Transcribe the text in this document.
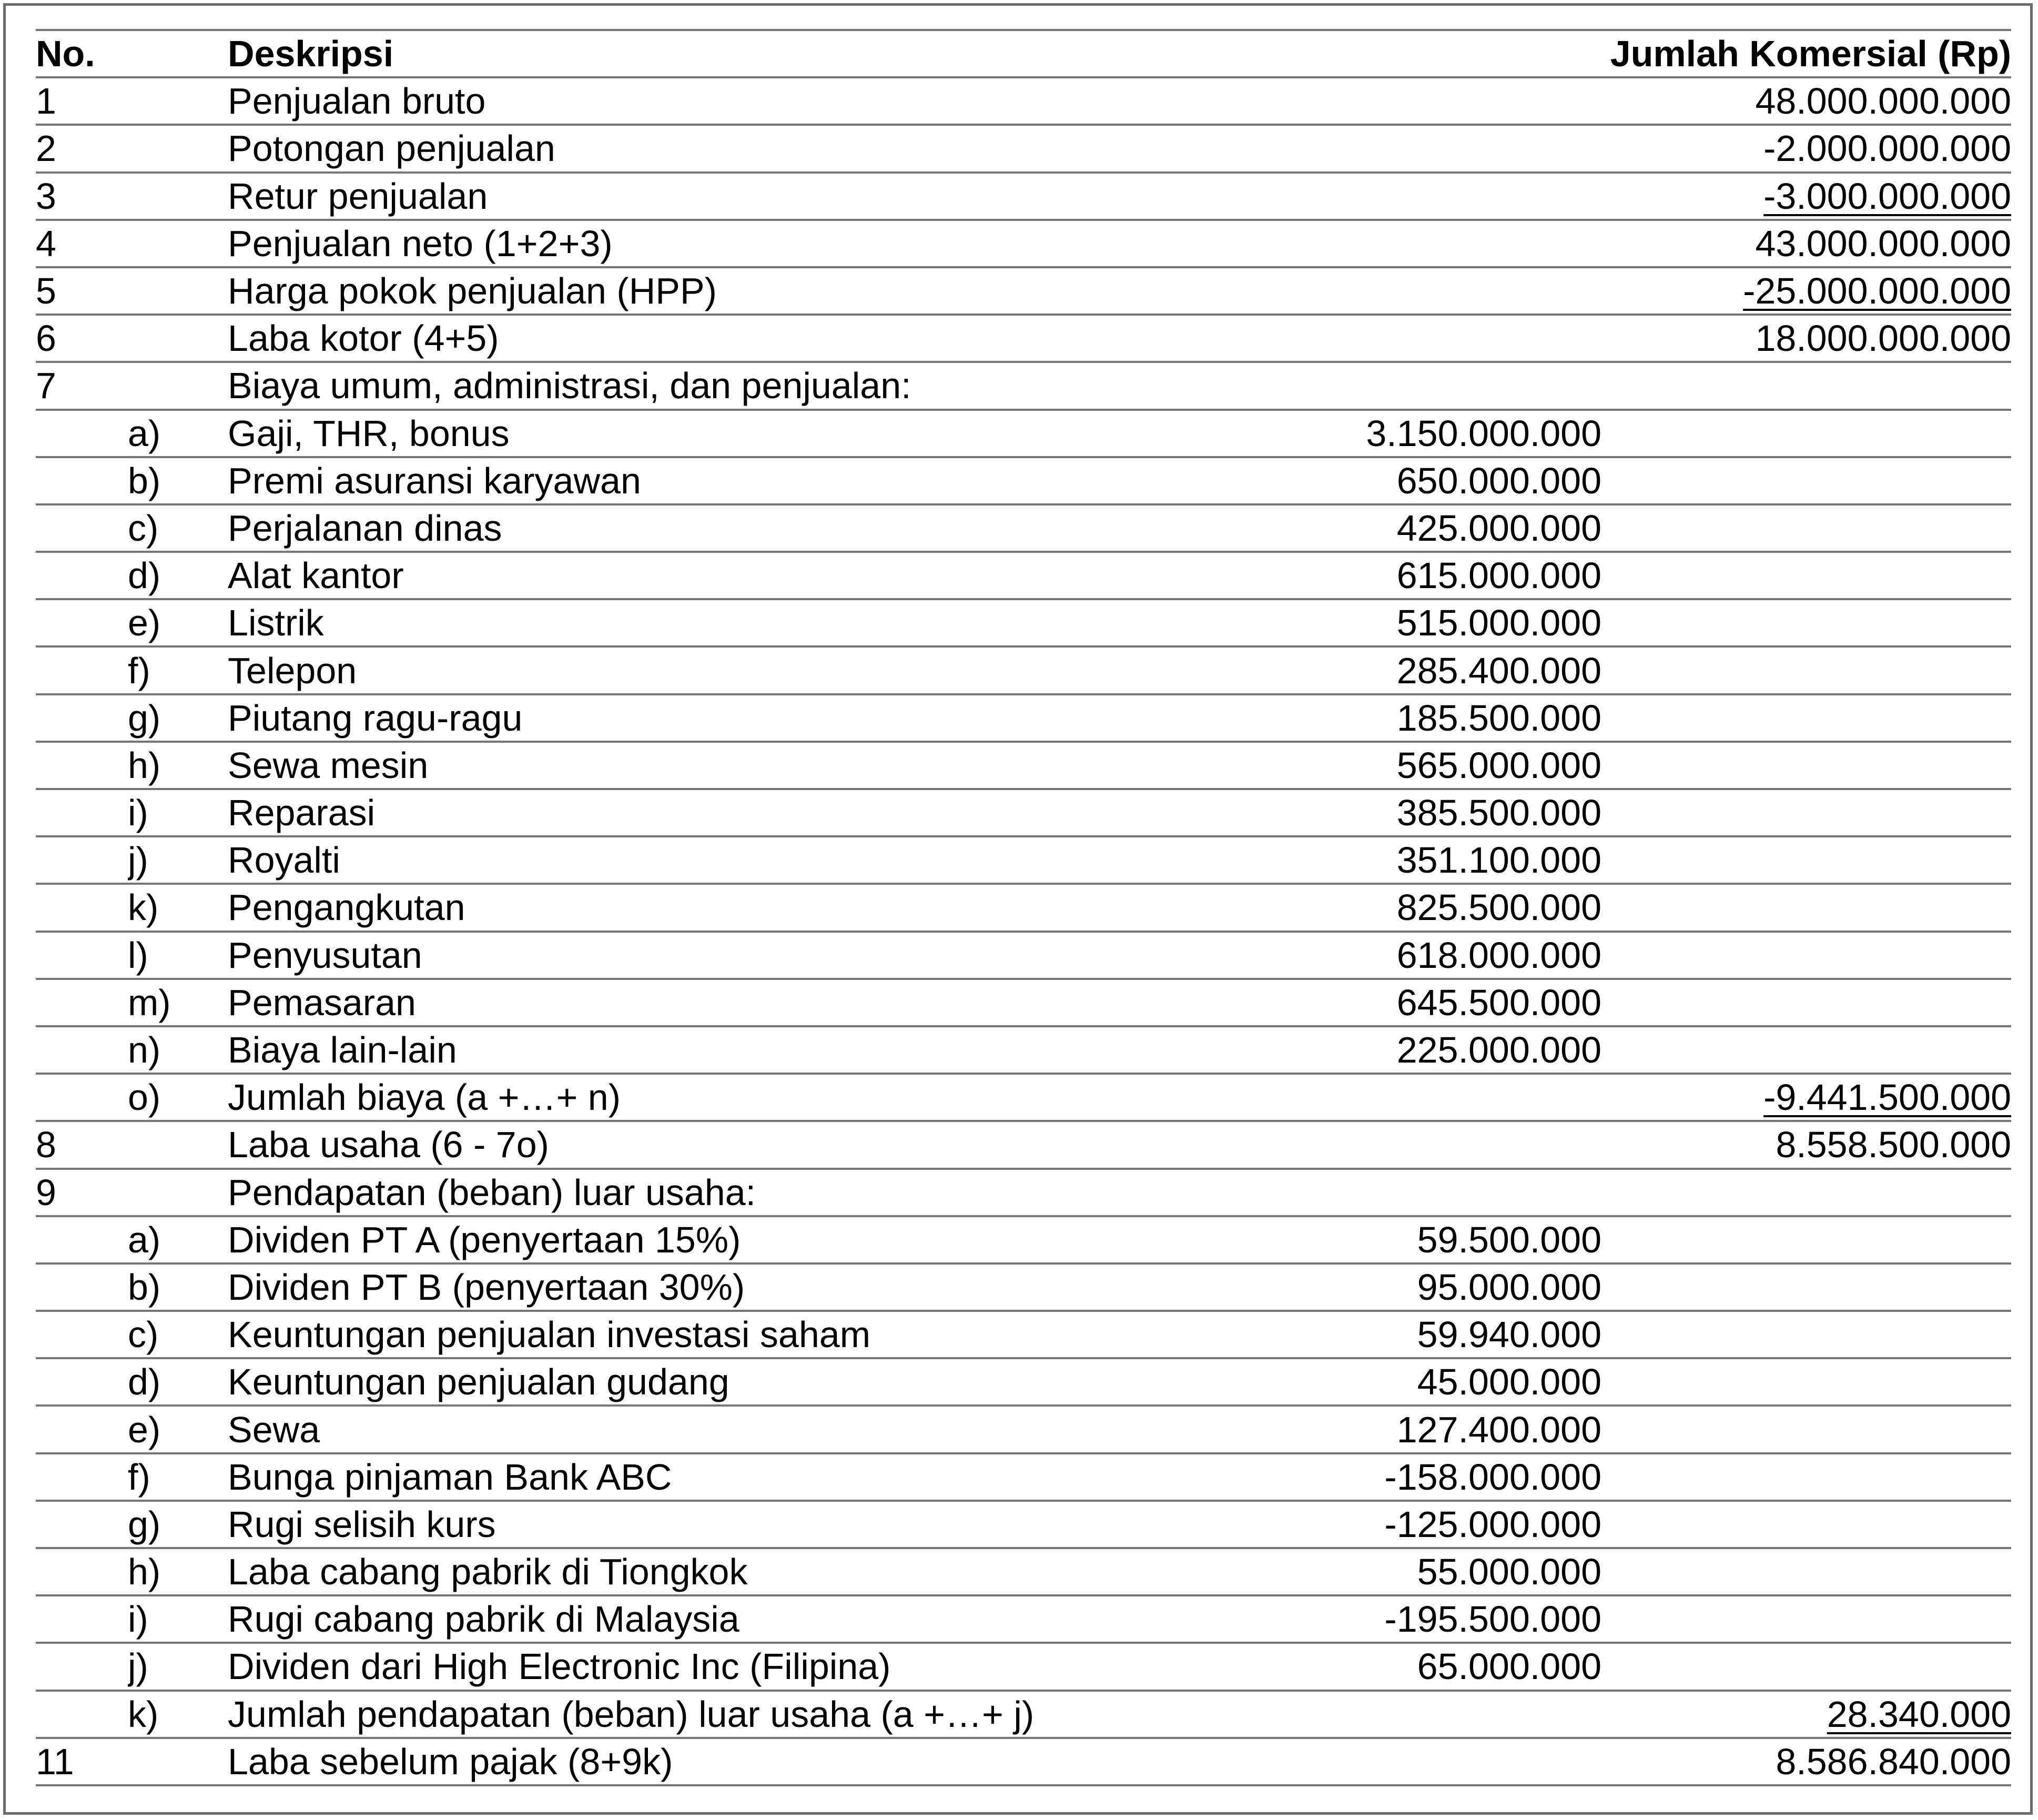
No.		Deskripsi	Jumlah Komersial (Rp)	
1		Penjualan bruto		48.000.000.000
2		Potongan penjualan		-2.000.000.000
3		Retur penjualan		-3.000.000.000
4		Penjualan neto (1+2+3)		43.000.000.000
5		Harga pokok penjualan (HPP)		-25.000.000.000
6		Laba kotor (4+5)		18.000.000.000
7		Biaya umum, administrasi, dan penjualan:		
	a)	Gaji, THR, bonus	3.150.000.000	
	b)	Premi asuransi karyawan	650.000.000	
	c)	Perjalanan dinas	425.000.000	
	d)	Alat kantor	615.000.000	
	e)	Listrik	515.000.000	
	f)	Telepon	285.400.000	
	g)	Piutang ragu-ragu	185.500.000	
	h)	Sewa mesin	565.000.000	
	i)	Reparasi	385.500.000	
	j)	Royalti	351.100.000	
	k)	Pengangkutan	825.500.000	
	l)	Penyusutan	618.000.000	
	m)	Pemasaran	645.500.000	
	n)	Biaya lain-lain	225.000.000	
	o)	Jumlah biaya (a +…+ n)		-9.441.500.000
8		Laba usaha (6 - 7o)		8.558.500.000
9		Pendapatan (beban) luar usaha:		
	a)	Dividen PT A (penyertaan 15%)	59.500.000	
	b)	Dividen PT B (penyertaan 30%)	95.000.000	
	c)	Keuntungan penjualan investasi saham	59.940.000	
	d)	Keuntungan penjualan gudang	45.000.000	
	e)	Sewa	127.400.000	
	f)	Bunga pinjaman Bank ABC	-158.000.000	
	g)	Rugi selisih kurs	-125.000.000	
	h)	Laba cabang pabrik di Tiongkok	55.000.000	
	i)	Rugi cabang pabrik di Malaysia	-195.500.000	
	j)	Dividen dari High Electronic Inc (Filipina)	65.000.000	
	k)	Jumlah pendapatan (beban) luar usaha (a +…+ j)		28.340.000
11		Laba sebelum pajak (8+9k)		8.586.840.000
